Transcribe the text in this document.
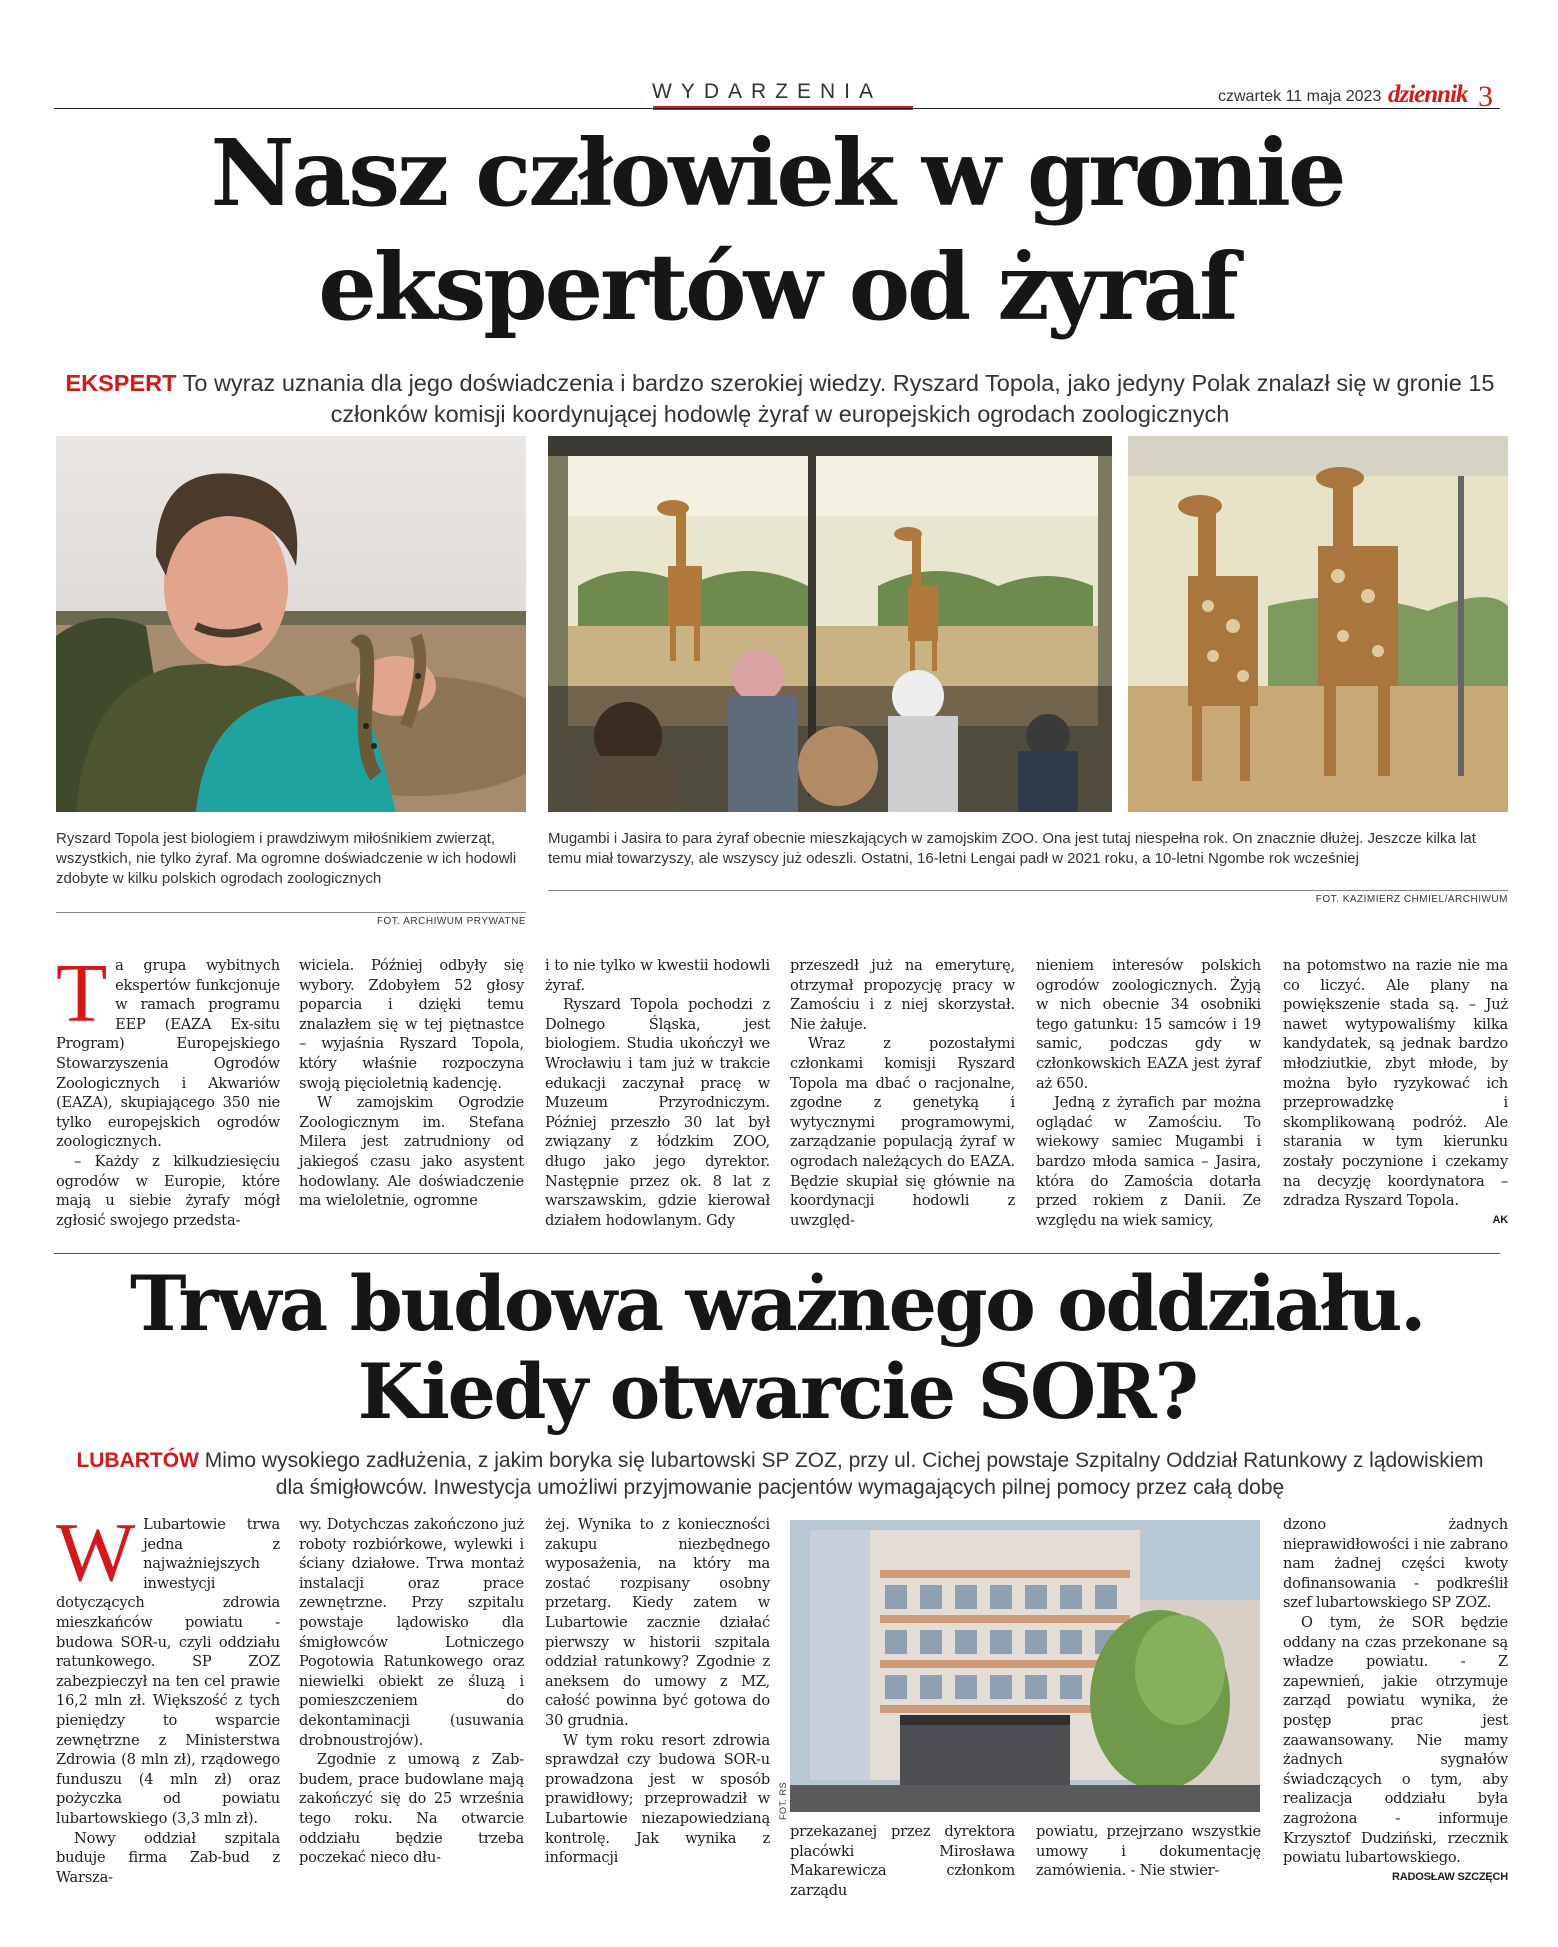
WYDARZENIA	czwartek 11 maja 2023 dziennik 3
Nasz człowiek w gronie
ekspertów od żyraf
EKSPERT To wyraz uznania dla jego doświadczenia i bardzo szerokiej wiedzy. Ryszard Topola, jako jedyny Polak znalazł się w gronie 15 członków komisji koordynującej hodowlę żyraf w europejskich ogrodach zoologicznych
Ryszard Topola jest biologiem i prawdziwym miłośnikiem zwierząt, wszystkich, nie tylko żyraf. Ma ogromne doświadczenie w ich hodowli zdobyte w kilku polskich ogrodach zoologicznych
FOT. ARCHIWUM PRYWATNE
Mugambi i Jasira to para żyraf obecnie mieszkających w zamojskim ZOO. Ona jest tutaj niespełna rok. On znacznie dłużej. Jeszcze kilka lat temu miał towarzyszy, ale wszyscy już odeszli. Ostatni, 16-letni Lengai padł w 2021 roku, a 10-letni Ngombe rok wcześniej
FOT. KAZIMIERZ CHMIEL/ARCHIWUM
T a grupa wybitnych ekspertów funkcjonuje w ramach programu EEP (EAZA Ex-situ Program) Europejskiego Stowarzyszenia Ogrodów Zoologicznych i Akwariów (EAZA), skupiającego 350 nie tylko europejskich ogrodów zoologicznych.

– Każdy z kilkudziesięciu ogrodów w Europie, które mają u siebie żyrafy mógł zgłosić swojego przedsta-

wiciela. Później odbyły się wybory. Zdobyłem 52 głosy poparcia i dzięki temu znalazłem się w tej piętnastce – wyjaśnia Ryszard Topola, który właśnie rozpoczyna swoją pięcioletnią kadencję.

W zamojskim Ogrodzie Zoologicznym im. Stefana Milera jest zatrudniony od jakiegoś czasu jako asystent hodowlany. Ale doświadczenie ma wieloletnie, ogromne

i to nie tylko w kwestii hodowli żyraf.

Ryszard Topola pochodzi z Dolnego Śląska, jest biologiem. Studia ukończył we Wrocławiu i tam już w trakcie edukacji zaczynał pracę w Muzeum Przyrodniczym. Później przeszło 30 lat był związany z łódzkim ZOO, długo jako jego dyrektor. Następnie przez ok. 8 lat z warszawskim, gdzie kierował działem hodowlanym. Gdy

przeszedł już na emeryturę, otrzymał propozycję pracy w Zamościu i z niej skorzystał. Nie żałuje.

Wraz z pozostałymi członkami komisji Ryszard Topola ma dbać o racjonalne, zgodne z genetyką i wytycznymi programowymi, zarządzanie populacją żyraf w ogrodach należących do EAZA. Będzie skupiał się głównie na koordynacji hodowli z uwzględ-

nieniem interesów polskich ogrodów zoologicznych. Żyją w nich obecnie 34 osobniki tego gatunku: 15 samców i 19 samic, podczas gdy w członkowskich EAZA jest żyraf aż 650.

Jedną z żyrafich par można oglądać w Zamościu. To wiekowy samiec Mugambi i bardzo młoda samica – Jasira, która do Zamościa dotarła przed rokiem z Danii. Ze względu na wiek samicy,

na potomstwo na razie nie ma co liczyć. Ale plany na powiększenie stada są. – Już nawet wytypowaliśmy kilka kandydatek, są jednak bardzo młodziutkie, zbyt młode, by można było ryzykować ich przeprowadzkę i skomplikowaną podróż. Ale starania w tym kierunku zostały poczynione i czekamy na decyzję koordynatora – zdradza Ryszard Topola.

AK
Trwa budowa ważnego oddziału.
Kiedy otwarcie SOR?
LUBARTÓW Mimo wysokiego zadłużenia, z jakim boryka się lubartowski SP ZOZ, przy ul. Cichej powstaje Szpitalny Oddział Ratunkowy z lądowiskiem dla śmigłowców. Inwestycja umożliwi przyjmowanie pacjentów wymagających pilnej pomocy przez całą dobę
W Lubartowie trwa jedna z najważniejszych inwestycji dotyczących zdrowia mieszkańców powiatu - budowa SOR-u, czyli oddziału ratunkowego. SP ZOZ zabezpieczył na ten cel prawie 16,2 mln zł. Większość z tych pieniędzy to wsparcie zewnętrzne z Ministerstwa Zdrowia (8 mln zł), rządowego funduszu (4 mln zł) oraz pożyczka od powiatu lubartowskiego (3,3 mln zł).

Nowy oddział szpitala buduje firma Zab-bud z Warsza-

wy. Dotychczas zakończono już roboty rozbiórkowe, wylewki i ściany działowe. Trwa montaż instalacji oraz prace zewnętrzne. Przy szpitalu powstaje lądowisko dla śmigłowców Lotniczego Pogotowia Ratunkowego oraz niewielki obiekt ze śluzą i pomieszczeniem do dekontaminacji (usuwania drobnoustrojów).

Zgodnie z umową z Zab-budem, prace budowlane mają zakończyć się do 25 września tego roku. Na otwarcie oddziału będzie trzeba poczekać nieco dłu-

żej. Wynika to z konieczności zakupu niezbędnego wyposażenia, na który ma zostać rozpisany osobny przetarg. Kiedy zatem w Lubartowie zacznie działać pierwszy w historii szpitala oddział ratunkowy? Zgodnie z aneksem do umowy z MZ, całość powinna być gotowa do 30 grudnia.

W tym roku resort zdrowia sprawdzał czy budowa SOR-u prowadzona jest w sposób prawidłowy; przeprowadził w Lubartowie niezapowiedzianą kontrolę. Jak wynika z informacji

FOT. RS

przekazanej przez dyrektora placówki Mirosława Makarewicza członkom zarządu

powiatu, przejrzano wszystkie umowy i dokumentację zamówienia. - Nie stwier-

dzono żadnych nieprawidłowości i nie zabrano nam żadnej części kwoty dofinansowania - podkreślił szef lubartowskiego SP ZOZ.

O tym, że SOR będzie oddany na czas przekonane są władze powiatu. - Z zapewnień, jakie otrzymuje zarząd powiatu wynika, że postęp prac jest zaawansowany. Nie mamy żadnych sygnałów świadczących o tym, aby realizacja oddziału była zagrożona - informuje Krzysztof Dudziński, rzecznik powiatu lubartowskiego.

RADOSŁAW SZCZĘCH
